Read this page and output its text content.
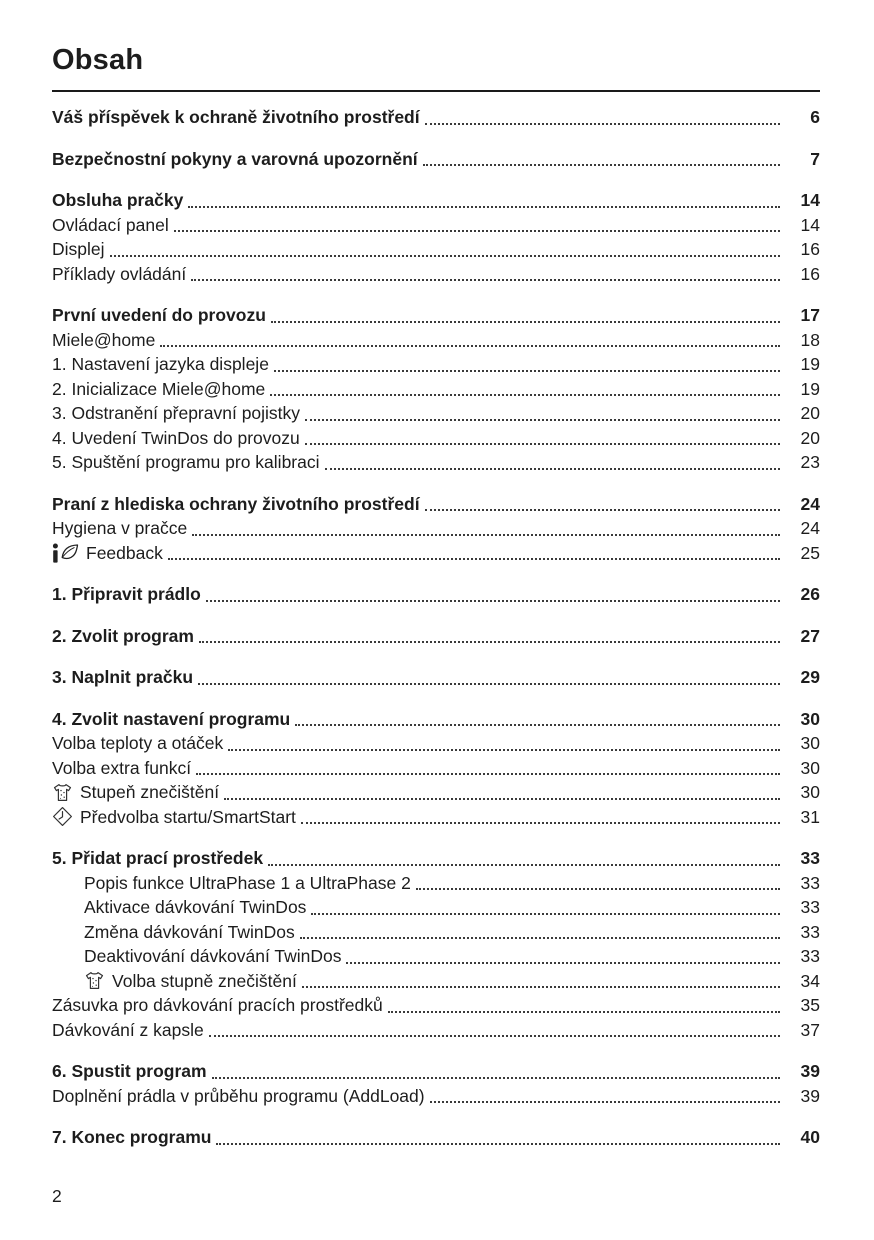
Obsah
Váš příspěvek k ochraně životního prostředí	6
Bezpečnostní pokyny a varovná upozornění	7
Obsluha pračky	14
Ovládací panel	14
Displej	16
Příklady ovládání	16
První uvedení do provozu	17
Miele@home	18
1. Nastavení jazyka displeje	19
2. Inicializace Miele@home	19
3. Odstranění přepravní pojistky	20
4. Uvedení TwinDos do provozu	20
5. Spuštění programu pro kalibraci	23
Praní z hlediska ochrany životního prostředí	24
Hygiena v pračce	24
Feedback	25
1. Připravit prádlo	26
2. Zvolit program	27
3. Naplnit pračku	29
4. Zvolit nastavení programu	30
Volba teploty a otáček	30
Volba extra funkcí	30
Stupeň znečištění	30
Předvolba startu/SmartStart	31
5. Přidat prací prostředek	33
Popis funkce UltraPhase 1 a UltraPhase 2	33
Aktivace dávkování TwinDos	33
Změna dávkování TwinDos	33
Deaktivování dávkování TwinDos	33
Volba stupně znečištění	34
Zásuvka pro dávkování pracích prostředků	35
Dávkování z kapsle	37
6. Spustit program	39
Doplnění prádla v průběhu programu (AddLoad)	39
7. Konec programu	40
2
